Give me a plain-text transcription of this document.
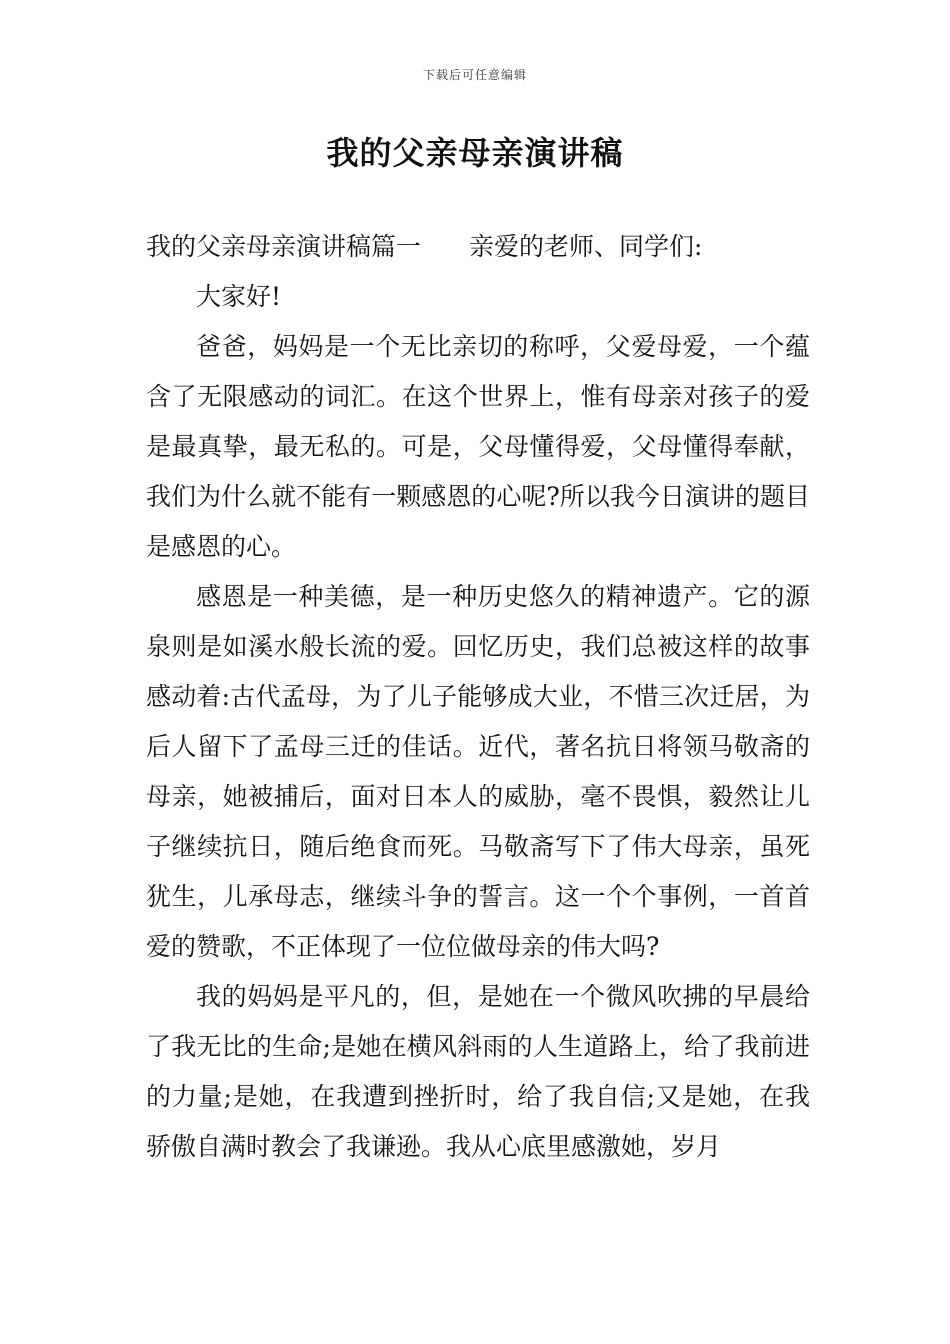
下载后可任意编辑
我的父亲母亲演讲稿

我的父亲母亲演讲稿篇一 亲爱的老师、同学们:

大家好!

爸爸，妈妈是一个无比亲切的称呼，父爱母爱，一个蕴含了无限感动的词汇。在这个世界上，惟有母亲对孩子的爱是最真挚，最无私的。可是，父母懂得爱，父母懂得奉献，我们为什么就不能有一颗感恩的心呢?所以我今日演讲的题目是感恩的心。

感恩是一种美德，是一种历史悠久的精神遗产。它的源泉则是如溪水般长流的爱。回忆历史，我们总被这样的故事感动着:古代孟母，为了儿子能够成大业，不惜三次迁居，为后人留下了孟母三迁的佳话。近代，著名抗日将领马敬斋的母亲，她被捕后，面对日本人的威胁，毫不畏惧，毅然让儿子继续抗日，随后绝食而死。马敬斋写下了伟大母亲，虽死犹生，儿承母志，继续斗争的誓言。这一个个事例，一首首爱的赞歌，不正体现了一位位做母亲的伟大吗?

我的妈妈是平凡的，但，是她在一个微风吹拂的早晨给了我无比的生命;是她在横风斜雨的人生道路上，给了我前进的力量;是她，在我遭到挫折时，给了我自信;又是她，在我骄傲自满时教会了我谦逊。我从心底里感激她，岁月
